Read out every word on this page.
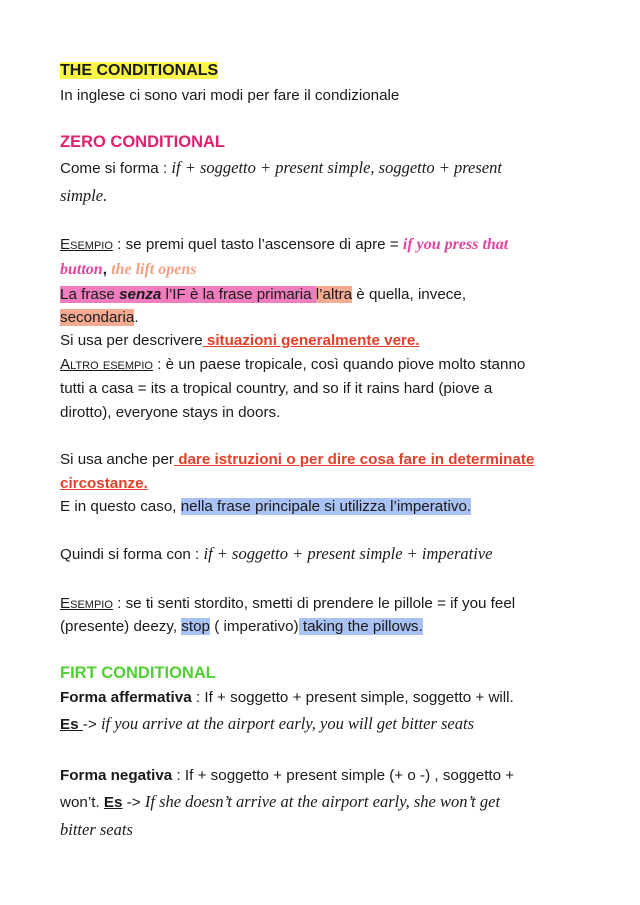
THE CONDITIONALS
In inglese ci sono vari modi per fare il condizionale
ZERO CONDITIONAL
Come si forma : if + soggetto + present simple, soggetto + present
simple.
Esempio : se premi quel tasto l’ascensore di apre = if you press that
button, the lift opens
La frase senza l’IF è la frase primaria l’altra è quella, invece,
secondaria.
Si usa per descrivere situazioni generalmente vere.
Altro esempio : è un paese tropicale, così quando piove molto stanno
tutti a casa = its a tropical country, and so if it rains hard (piove a
dirotto), everyone stays in doors.
Si usa anche per dare istruzioni o per dire cosa fare in determinate
circostanze.
E in questo caso, nella frase principale si utilizza l’imperativo.
Quindi si forma con : if + soggetto + present simple + imperative
Esempio : se ti senti stordito, smetti di prendere le pillole = if you feel
(presente) deezy, stop ( imperativo) taking the pillows.
FIRT CONDITIONAL
Forma affermativa : If + soggetto + present simple, soggetto + will.
Es -> if you arrive at the airport early, you will get bitter seats
Forma negativa : If + soggetto + present simple (+ o -) , soggetto +
won’t. Es -> If she doesn’t arrive at the airport early, she won’t get
bitter seats
